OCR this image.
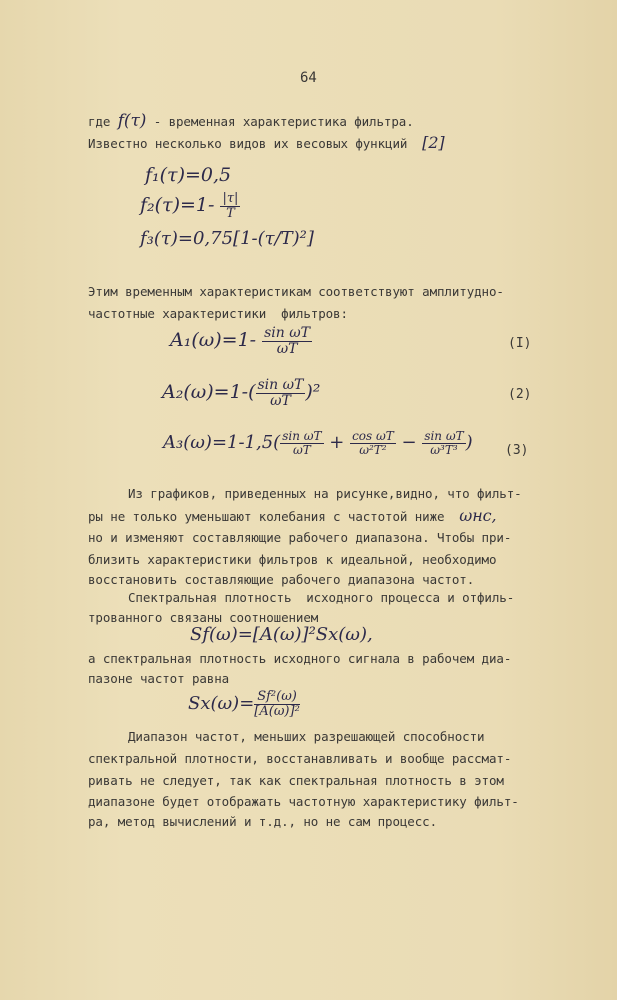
64
где f(τ) - временная характеристика фильтра.
Известно несколько видов их весовых функций [2]
f₁(τ)=0,5
$f_2(\tau)=1- \frac{|\tau|}{T}$
f₃(τ)=0,75[1-(τ/T)²]
Этим временным характеристикам соответствуют амплитудно-
частотные характеристики  фильтров:
$A_1(\omega)=1- \frac{\text{sin ωT}}{\omega T}$	(I)
$A_2(\omega)=1-( \frac{\text{sin ωT}}{\omega T} )^2$	(2)
$A_3(\omega)=1-1,5( \frac{\text{sin ωT}}{\omega T} + \frac{\text{cos ωT}}{\text{ω²T²}} - \frac{\text{sin ωT}}{\text{ω³T³}}$ ) (3)
Из графиков, приведенных на рисунке,видно, что фильт-
ры не только уменьшают колебания с частотой ниже ωнс,
но и изменяют составляющие рабочего диапазона. Чтобы при-
близить характеристики фильтров к идеальной, необходимо
восстановить составляющие рабочего диапазона частот.
Спектральная плотность  исходного процесса и отфиль-
трованного связаны соотношением
Sf(ω)=[A(ω)]²Sx(ω),
а спектральная плотность исходного сигнала в рабочем диа-
пазоне частот равна
$Sx(\omega)= \frac{\text{Sf²(ω)}}{\text{[A(ω)]²}}$
Диапазон частот, меньших разрешающей способности
спектральной плотности, восстанавливать и вообще рассмат-
ривать не следует, так как спектральная плотность в этом
диапазоне будет отображать частотную характеристику фильт-
ра, метод вычислений и т.д., но не сам процесс.
